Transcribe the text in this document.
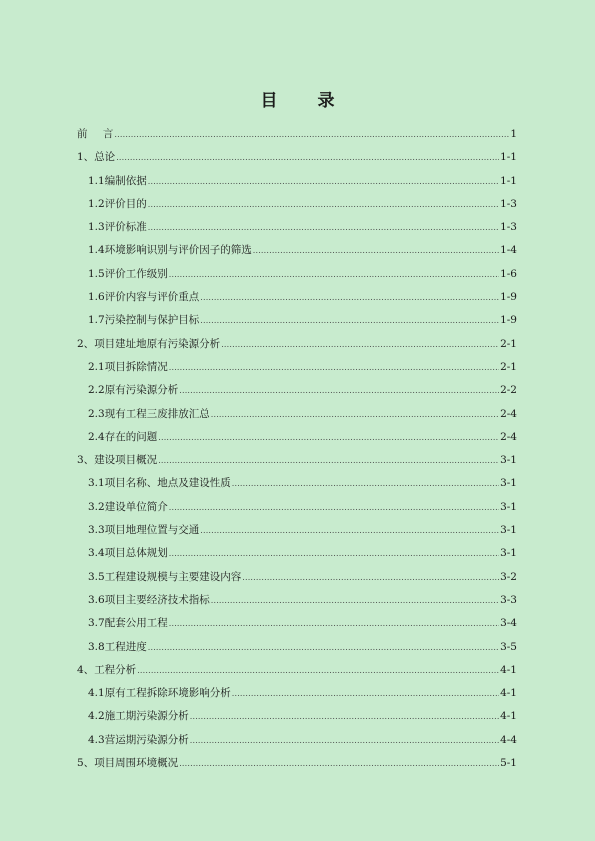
目 录
前 言 .....	1
1、 总论 .....	1-1
1.1 编制依据 .....	1-1
1.2 评价目的 .....	1-3
1.3 评价标准 .....	1-3
1.4 环境影响识别与评价因子的筛选 .....	1-4
1.5 评价工作级别 .....	1-6
1.6 评价内容与评价重点 .....	1-9
1.7 污染控制与保护目标 .....	1-9
2、 项目建址地原有污染源分析 .....	2-1
2.1 项目拆除情况 .....	2-1
2.2 原有污染源分析 .....	2-2
2.3 现有工程三废排放汇总 .....	2-4
2.4 存在的问题 .....	2-4
3、 建设项目概况 .....	3-1
3.1 项目名称、地点及建设性质 .....	3-1
3.2 建设单位简介 .....	3-1
3.3 项目地理位置与交通 .....	3-1
3.4 项目总体规划 .....	3-1
3.5 工程建设规模与主要建设内容 .....	3-2
3.6 项目主要经济技术指标 .....	3-3
3.7 配套公用工程 .....	3-4
3.8 工程进度 .....	3-5
4、 工程分析 .....	4-1
4.1 原有工程拆除环境影响分析 .....	4-1
4.2 施工期污染源分析 .....	4-1
4.3 营运期污染源分析 .....	4-4
5、 项目周围环境概况 .....	5-1
